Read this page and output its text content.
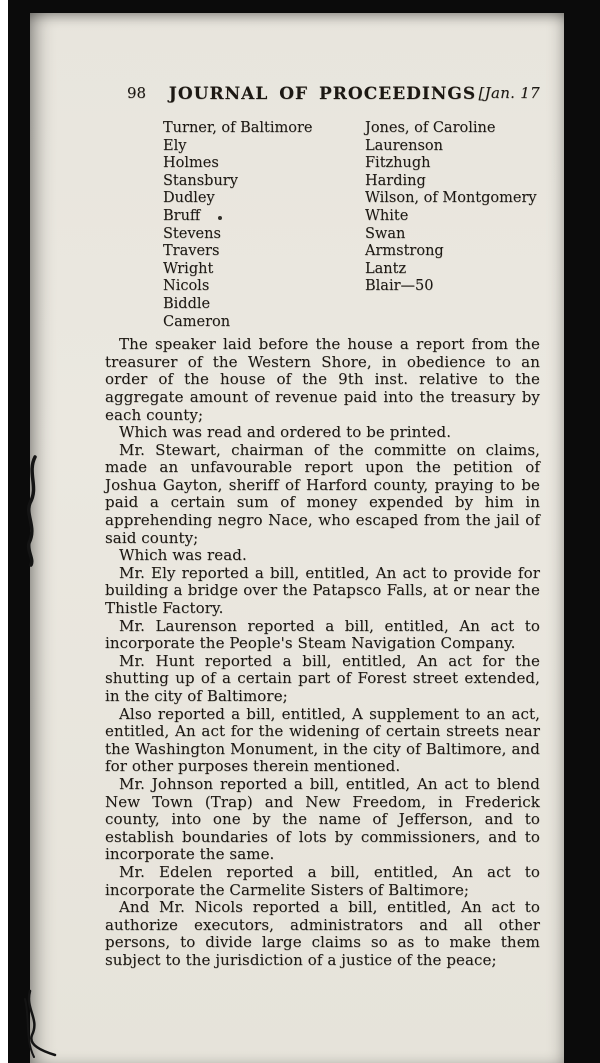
98	JOURNAL OF PROCEEDINGS [Jan. 17
Turner, of Baltimore
Ely
Holmes
Stansbury
Dudley
Bruff
Stevens
Travers
Wright
Nicols
Biddle
Cameron
Jones, of Caroline
Laurenson
Fitzhugh
Harding
Wilson, of Montgomery
White
Swan
Armstrong
Lantz
Blair—50

The speaker laid before the house a report from the treasurer of the Western Shore, in obedience to an order of the house of the 9th inst. relative to the aggregate amount of revenue paid into the treasury by each county;

Which was read and ordered to be printed.

Mr. Stewart, chairman of the committe on claims, made an unfavourable report upon the petition of Joshua Gayton, sheriff of Harford county, praying to be paid a certain sum of money expended by him in apprehending negro Nace, who escaped from the jail of said county;

Which was read.

Mr. Ely reported a bill, entitled, An act to provide for building a bridge over the Patapsco Falls, at or near the Thistle Factory.

Mr. Laurenson reported a bill, entitled, An act to incorporate the People's Steam Navigation Company.

Mr. Hunt reported a bill, entitled, An act for the shutting up of a certain part of Forest street extended, in the city of Baltimore;

Also reported a bill, entitled, A supplement to an act, entitled, An act for the widening of certain streets near the Washington Monument, in the city of Baltimore, and for other purposes therein mentioned.

Mr. Johnson reported a bill, entitled, An act to blend New Town (Trap) and New Freedom, in Frederick county, into one by the name of Jefferson, and to establish boundaries of lots by commissioners, and to incorporate the same.

Mr. Edelen reported a bill, entitled, An act to incorporate the Carmelite Sisters of Baltimore;

And Mr. Nicols reported a bill, entitled, An act to authorize executors, administrators and all other persons, to divide large claims so as to make them subject to the jurisdiction of a justice of the peace;
